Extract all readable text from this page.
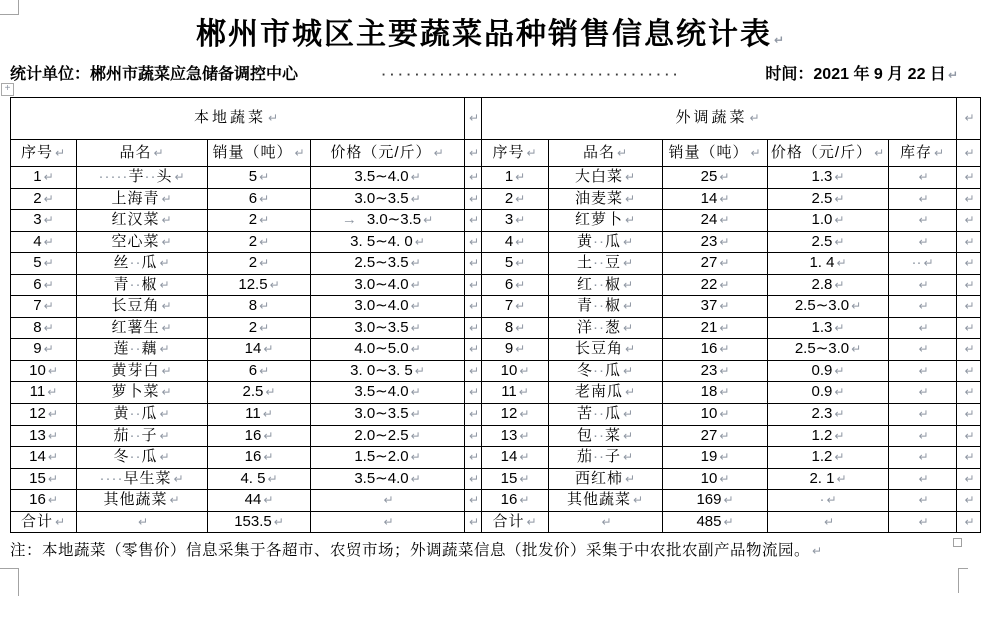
郴州市城区主要蔬菜品种销售信息统计表 ↵
统计单位：郴州市蔬菜应急储备调控中心	····································	时间：2021 年 9 月 22 日 ↵
+
本地蔬菜 ↵				↵	外调蔬菜 ↵					↵
序号 ↵	品名 ↵	销量（吨） ↵	价格（元/斤） ↵	↵	序号 ↵	品名 ↵	销量（吨） ↵	价格（元/斤） ↵	库存 ↵	↵
1 ↵	·····芋··头 ↵	5 ↵	3.5∼4.0 ↵	↵	1 ↵	大白菜 ↵	25 ↵	1.3 ↵	↵	↵
2 ↵	上海青 ↵	6 ↵	3.0∼3.5 ↵	↵	2 ↵	油麦菜 ↵	14 ↵	2.5 ↵	↵	↵
3 ↵	红汉菜 ↵	2 ↵	→ 3.0∼3.5 ↵	↵	3 ↵	红萝卜 ↵	24 ↵	1.0 ↵	↵	↵
4 ↵	空心菜 ↵	2 ↵	3. 5∼4. 0 ↵	↵	4 ↵	黄··瓜 ↵	23 ↵	2.5 ↵	↵	↵
5 ↵	丝··瓜 ↵	2 ↵	2.5∼3.5 ↵	↵	5 ↵	土··豆 ↵	27 ↵	1. 4 ↵	·· ↵	↵
6 ↵	青··椒 ↵	12.5 ↵	3.0∼4.0 ↵	↵	6 ↵	红··椒 ↵	22 ↵	2.8 ↵	↵	↵
7 ↵	长豆角 ↵	8 ↵	3.0∼4.0 ↵	↵	7 ↵	青··椒 ↵	37 ↵	2.5∼3.0 ↵	↵	↵
8 ↵	红薯生 ↵	2 ↵	3.0∼3.5 ↵	↵	8 ↵	洋··葱 ↵	21 ↵	1.3 ↵	↵	↵
9 ↵	莲··藕 ↵	14 ↵	4.0∼5.0 ↵	↵	9 ↵	长豆角 ↵	16 ↵	2.5∼3.0 ↵	↵	↵
10 ↵	黄芽白 ↵	6 ↵	3. 0∼3. 5 ↵	↵	10 ↵	冬··瓜 ↵	23 ↵	0.9 ↵	↵	↵
11 ↵	萝卜菜 ↵	2.5 ↵	3.5∼4.0 ↵	↵	11 ↵	老南瓜 ↵	18 ↵	0.9 ↵	↵	↵
12 ↵	黄··瓜 ↵	11 ↵	3.0∼3.5 ↵	↵	12 ↵	苦··瓜 ↵	10 ↵	2.3 ↵	↵	↵
13 ↵	茄··子 ↵	16 ↵	2.0∼2.5 ↵	↵	13 ↵	包··菜 ↵	27 ↵	1.2 ↵	↵	↵
14 ↵	冬··瓜 ↵	16 ↵	1.5∼2.0 ↵	↵	14 ↵	茄··子 ↵	19 ↵	1.2 ↵	↵	↵
15 ↵	····早生菜 ↵	4. 5 ↵	3.5∼4.0 ↵	↵	15 ↵	西红柿 ↵	10 ↵	2. 1 ↵	↵	↵
16 ↵	其他蔬菜 ↵	44 ↵	↵	↵	16 ↵	其他蔬菜 ↵	169 ↵	· ↵	↵	↵
合计 ↵	↵	153.5 ↵	↵	↵	合计 ↵	↵	485 ↵	↵	↵	↵
注：本地蔬菜（零售价）信息采集于各超市、农贸市场；外调蔬菜信息（批发价）采集于中农批农副产品物流园。 ↵
